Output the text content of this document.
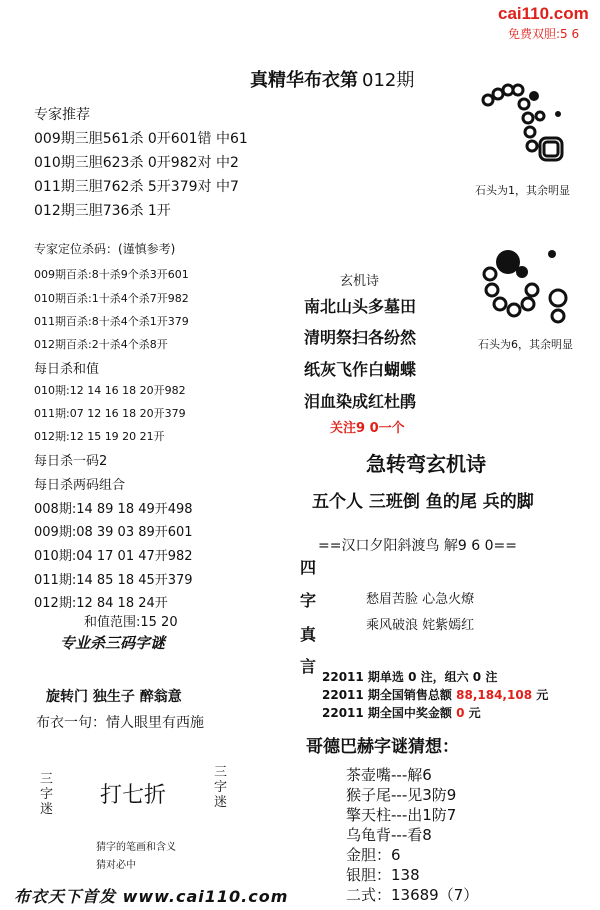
cai110.com
免费双胆:5 6
真精华布衣第 012期
专家推荐
009期三胆561杀 0开601错 中61
010期三胆623杀 0开982对 中2
011期三胆762杀 5开379对 中7
012期三胆736杀 1开
专家定位杀码：(谨慎参考)
009期百杀:8十杀9个杀3开601
010期百杀:1十杀4个杀7开982
011期百杀:8十杀4个杀1开379
012期百杀:2十杀4个杀8开
每日杀和值
010期:12 14 16 18 20开982
011期:07 12 16 18 20开379
012期:12 15 19 20 21开
每日杀一码2
每日杀两码组合
008期:14 89 18 49开498
009期:08 39 03 89开601
010期:04 17 01 47开982
011期:14 85 18 45开379
012期:12 84 18 24开
和值范围:15 20
专业杀三码字谜
旋转门 独生子 醉翁意
布衣一句：情人眼里有西施
三
字
迷
打七折
三
字
迷
猜字的笔画和含义
猜对必中
布衣天下首发 www.cai110.com
石头为1，其余明显
石头为6，其余明显
玄机诗
南北山头多墓田
清明祭扫各纷然
纸灰飞作白蝴蝶
泪血染成红杜鹃
关注9 0一个
急转弯玄机诗
五个人 三班倒 鱼的尾 兵的脚
==汉口夕阳斜渡鸟 解9 6 0==
四
字
真
言
愁眉苦脸 心急火燎
乘风破浪 姹紫嫣红
22011 期单选 0 注，组六 0 注
22011 期全国销售总额 88,184,108 元
22011 期全国中奖金额 0 元
哥德巴赫字谜猜想：
茶壶嘴---解6
猴子尾---见3防9
擎天柱---出1防7
乌龟背---看8
金胆：6
银胆：138
二式：13689（7）
